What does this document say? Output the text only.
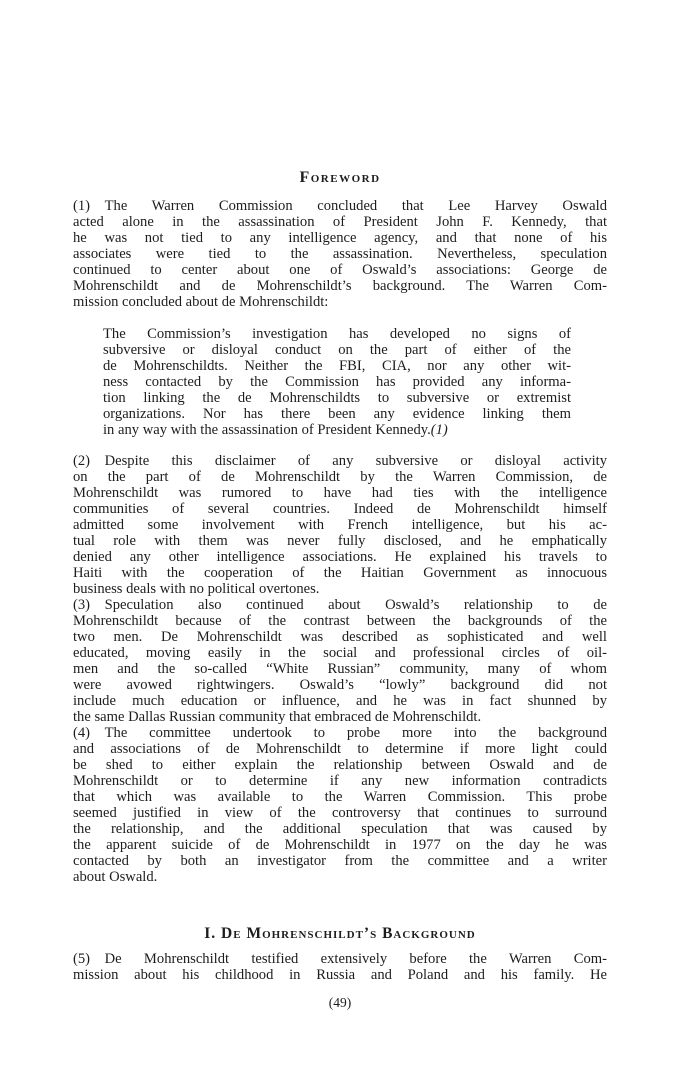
Foreword
(1) The Warren Commission concluded that Lee Harvey Oswald
acted alone in the assassination of President John F. Kennedy, that
he was not tied to any intelligence agency, and that none of his
associates were tied to the assassination. Nevertheless, speculation
continued to center about one of Oswald’s associations: George de
Mohrenschildt and de Mohrenschildt’s background. The Warren Com-
mission concluded about de Mohrenschildt:
The Commission’s investigation has developed no signs of
subversive or disloyal conduct on the part of either of the
de Mohrenschildts. Neither the FBI, CIA, nor any other wit-
ness contacted by the Commission has provided any informa-
tion linking the de Mohrenschildts to subversive or extremist
organizations. Nor has there been any evidence linking them
in any way with the assassination of President Kennedy.(1)
(2) Despite this disclaimer of any subversive or disloyal activity
on the part of de Mohrenschildt by the Warren Commission, de
Mohrenschildt was rumored to have had ties with the intelligence
communities of several countries. Indeed de Mohrenschildt himself
admitted some involvement with French intelligence, but his ac-
tual role with them was never fully disclosed, and he emphatically
denied any other intelligence associations. He explained his travels to
Haiti with the cooperation of the Haitian Government as innocuous
business deals with no political overtones.
(3) Speculation also continued about Oswald’s relationship to de
Mohrenschildt because of the contrast between the backgrounds of the
two men. De Mohrenschildt was described as sophisticated and well
educated, moving easily in the social and professional circles of oil-
men and the so-called “White Russian” community, many of whom
were avowed rightwingers. Oswald’s “lowly” background did not
include much education or influence, and he was in fact shunned by
the same Dallas Russian community that embraced de Mohrenschildt.
(4) The committee undertook to probe more into the background
and associations of de Mohrenschildt to determine if more light could
be shed to either explain the relationship between Oswald and de
Mohrenschildt or to determine if any new information contradicts
that which was available to the Warren Commission. This probe
seemed justified in view of the controversy that continues to surround
the relationship, and the additional speculation that was caused by
the apparent suicide of de Mohrenschildt in 1977 on the day he was
contacted by both an investigator from the committee and a writer
about Oswald.
I. De Mohrenschildt’s Background
(5) De Mohrenschildt testified extensively before the Warren Com-
mission about his childhood in Russia and Poland and his family. He
(49)
